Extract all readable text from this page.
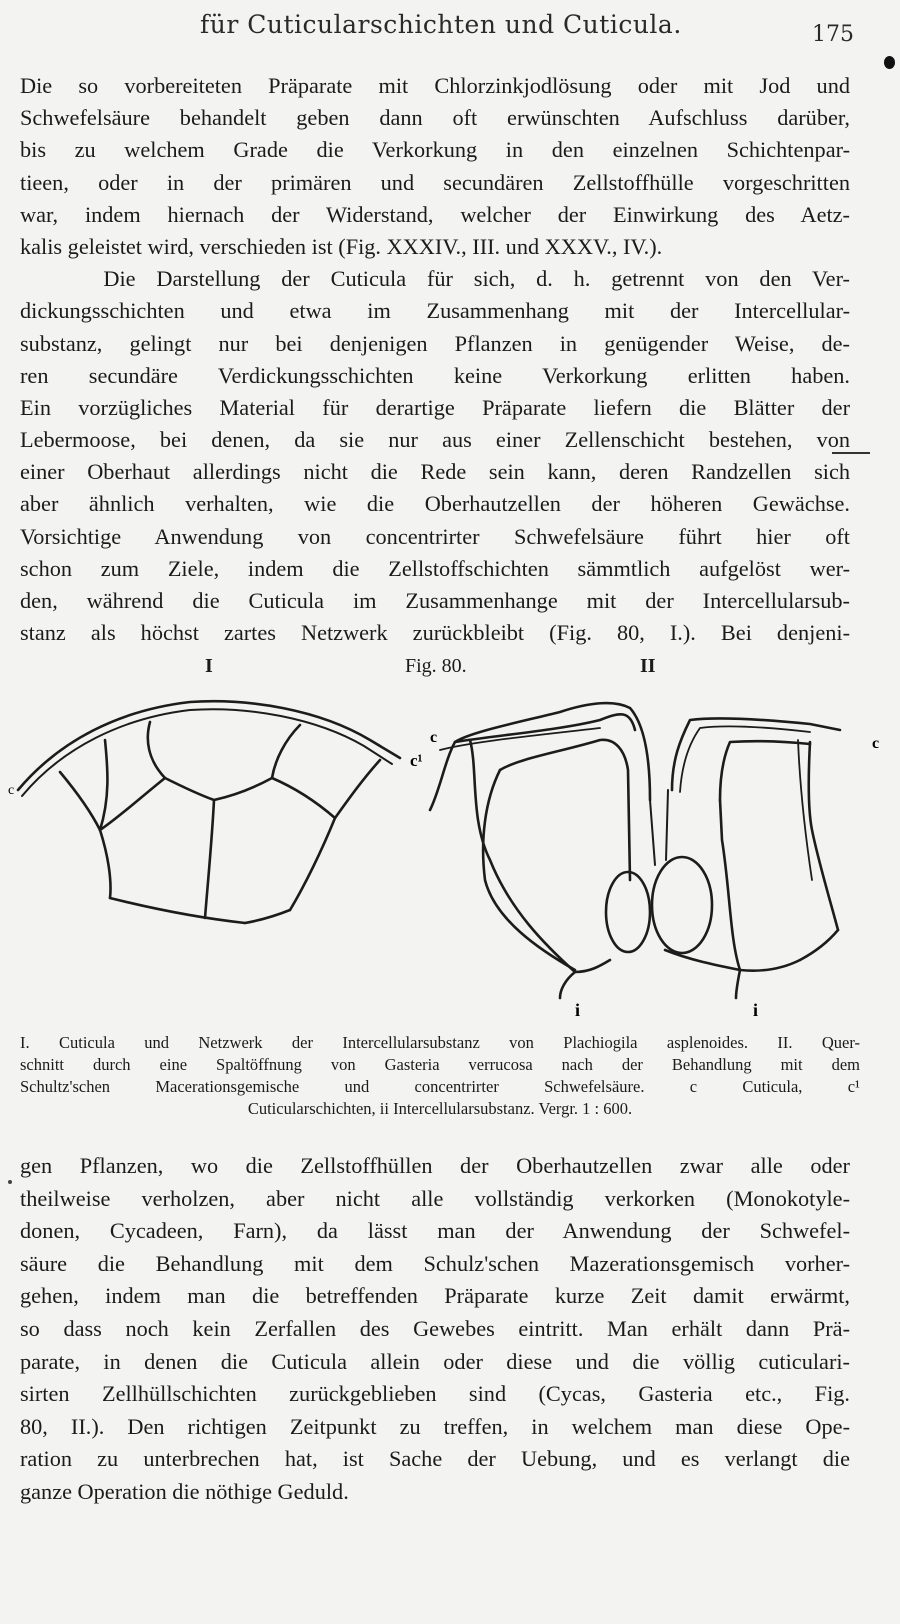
für Cuticularschichten und Cuticula.	175
Die so vorbereiteten Präparate mit Chlorzinkjodlösung oder mit Jod und
Schwefelsäure behandelt geben dann oft erwünschten Aufschluss darüber,
bis zu welchem Grade die Verkorkung in den einzelnen Schichtenpar-
tieen, oder in der primären und secundären Zellstoffhülle vorgeschritten
war, indem hiernach der Widerstand, welcher der Einwirkung des Aetz-
kalis geleistet wird, verschieden ist (Fig. XXXIV., III. und XXXV., IV.).
Die Darstellung der Cuticula für sich, d. h. getrennt von den Ver-
dickungsschichten und etwa im Zusammenhang mit der Intercellular-
substanz, gelingt nur bei denjenigen Pflanzen in genügender Weise, de-
ren secundäre Verdickungsschichten keine Verkorkung erlitten haben.
Ein vorzügliches Material für derartige Präparate liefern die Blätter der
Lebermoose, bei denen, da sie nur aus einer Zellenschicht bestehen, von
einer Oberhaut allerdings nicht die Rede sein kann, deren Randzellen sich
aber ähnlich verhalten, wie die Oberhautzellen der höheren Gewächse.
Vorsichtige Anwendung von concentrirter Schwefelsäure führt hier oft
schon zum Ziele, indem die Zellstoffschichten sämmtlich aufgelöst wer-
den, während die Cuticula im Zusammenhange mit der Intercellularsub-
stanz als höchst zartes Netzwerk zurückbleibt (Fig. 80, I.). Bei denjeni-
I	Fig. 80.	II
c
c
c¹
c
i	i
I. Cuticula und Netzwerk der Intercellularsubstanz von Plachiogila asplenoides. II. Quer-
schnitt durch eine Spaltöffnung von Gasteria verrucosa nach der Behandlung mit dem
Schultz'schen Macerationsgemische und concentrirter Schwefelsäure. c Cuticula, c¹
Cuticularschichten, ii Intercellularsubstanz. Vergr. 1 : 600.
gen Pflanzen, wo die Zellstoffhüllen der Oberhautzellen zwar alle oder
theilweise verholzen, aber nicht alle vollständig verkorken (Monokotyle-
donen, Cycadeen, Farn), da lässt man der Anwendung der Schwefel-
säure die Behandlung mit dem Schulz'schen Mazerationsgemisch vorher-
gehen, indem man die betreffenden Präparate kurze Zeit damit erwärmt,
so dass noch kein Zerfallen des Gewebes eintritt. Man erhält dann Prä-
parate, in denen die Cuticula allein oder diese und die völlig cuticulari-
sirten Zellhüllschichten zurückgeblieben sind (Cycas, Gasteria etc., Fig.
80, II.). Den richtigen Zeitpunkt zu treffen, in welchem man diese Ope-
ration zu unterbrechen hat, ist Sache der Uebung, und es verlangt die
ganze Operation die nöthige Geduld.
